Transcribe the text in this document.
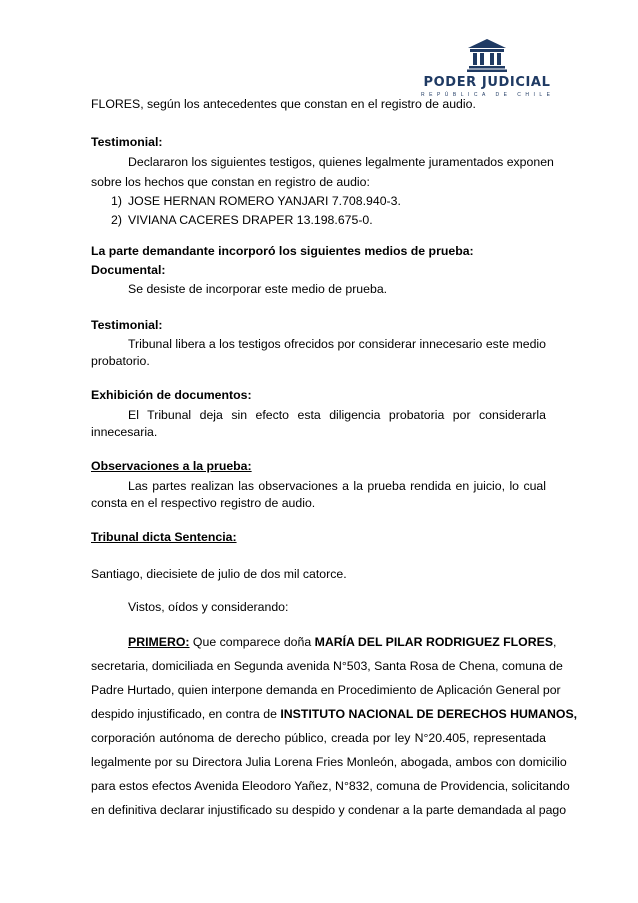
PODER JUDICIAL
REPÚBLICA DE CHILE
FLORES, según los antecedentes que constan en el registro de audio.
Testimonial:
Declararon los siguientes testigos, quienes legalmente juramentados exponen
sobre los hechos que constan en registro de audio:
1) JOSE HERNAN ROMERO YANJARI 7.708.940-3.
2) VIVIANA CACERES DRAPER 13.198.675-0.
La parte demandante incorporó los siguientes medios de prueba:
Documental:
Se desiste de incorporar este medio de prueba.
Testimonial:
Tribunal libera a los testigos ofrecidos por considerar innecesario este medio
probatorio.
Exhibición de documentos:
El Tribunal deja sin efecto esta diligencia probatoria por considerarla
innecesaria.
Observaciones a la prueba:
Las partes realizan las observaciones a la prueba rendida en juicio, lo cual
consta en el respectivo registro de audio.
Tribunal dicta Sentencia:
Santiago, diecisiete de julio de dos mil catorce.
Vistos, oídos y considerando:
PRIMERO: Que comparece doña MARÍA DEL PILAR RODRIGUEZ FLORES,
secretaria, domiciliada en Segunda avenida N°503, Santa Rosa de Chena, comuna de
Padre Hurtado, quien interpone demanda en Procedimiento de Aplicación General por
despido injustificado, en contra de INSTITUTO NACIONAL DE DERECHOS HUMANOS,
corporación autónoma de derecho público, creada por ley N°20.405, representada
legalmente por su Directora Julia Lorena Fries Monleón, abogada, ambos con domicilio
para estos efectos Avenida Eleodoro Yañez, N°832, comuna de Providencia, solicitando
en definitiva declarar injustificado su despido y condenar a la parte demandada al pago
